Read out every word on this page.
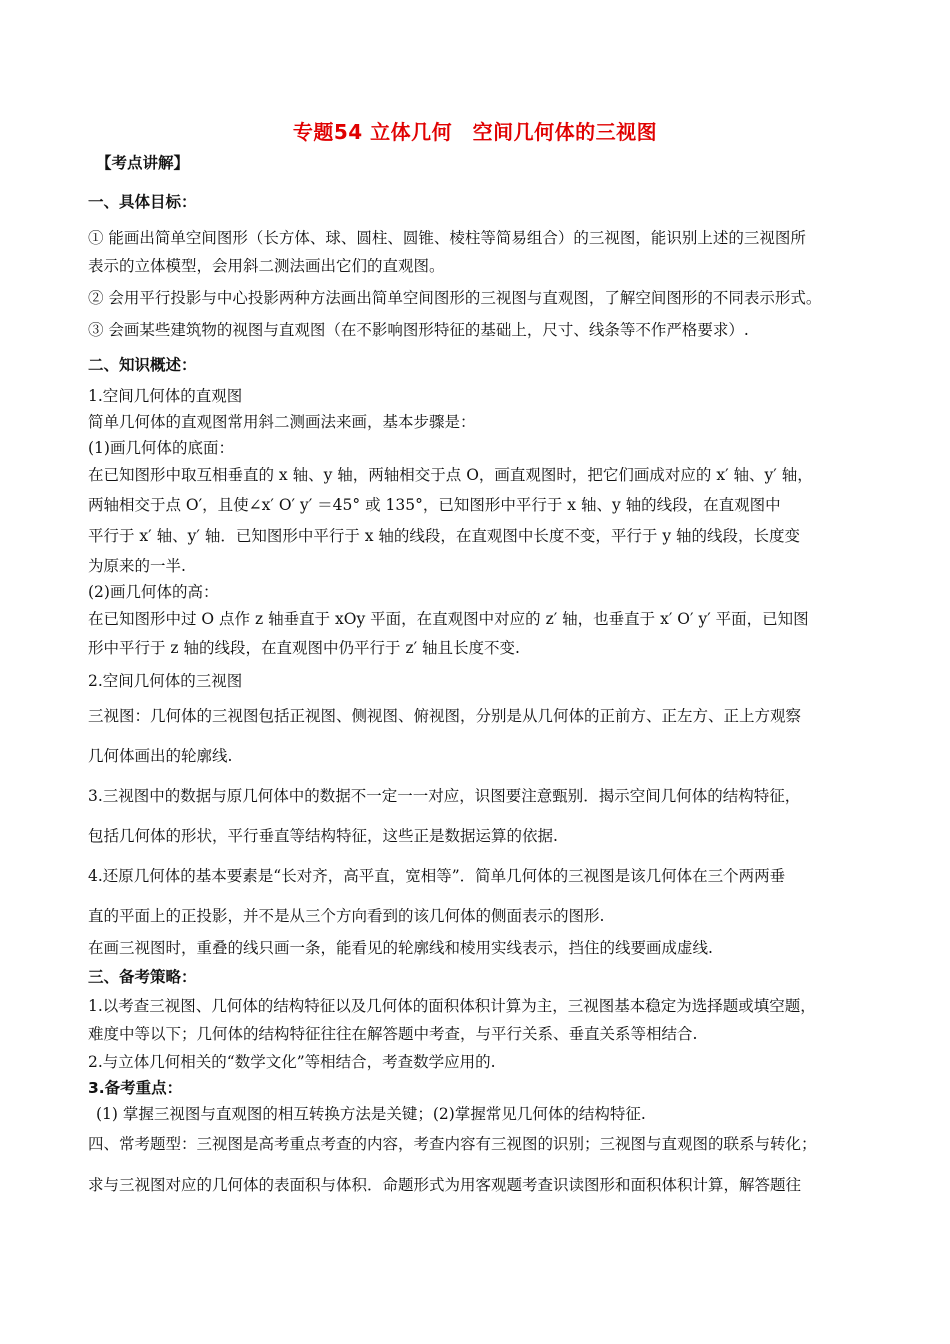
专题54 立体几何　空间几何体的三视图
【考点讲解】
一、具体目标：
① 能画出简单空间图形（长方体、球、圆柱、圆锥、棱柱等简易组合）的三视图，能识别上述的三视图所
表示的立体模型，会用斜二测法画出它们的直观图。
② 会用平行投影与中心投影两种方法画出简单空间图形的三视图与直观图，了解空间图形的不同表示形式。
③ 会画某些建筑物的视图与直观图（在不影响图形特征的基础上，尺寸、线条等不作严格要求）.
二、知识概述：
1.空间几何体的直观图
简单几何体的直观图常用斜二测画法来画，基本步骤是：
(1)画几何体的底面：
在已知图形中取互相垂直的 x 轴、y 轴，两轴相交于点 O，画直观图时，把它们画成对应的 x′ 轴、y′ 轴，
两轴相交于点 O′，且使∠x′ O′ y′ ＝45° 或 135°，已知图形中平行于 x 轴、y 轴的线段，在直观图中
平行于 x′ 轴、y′ 轴．已知图形中平行于 x 轴的线段，在直观图中长度不变，平行于 y 轴的线段，长度变
为原来的一半.
(2)画几何体的高：
在已知图形中过 O 点作 z 轴垂直于 xOy 平面，在直观图中对应的 z′ 轴，也垂直于 x′ O′ y′ 平面，已知图
形中平行于 z 轴的线段，在直观图中仍平行于 z′ 轴且长度不变.
2.空间几何体的三视图
三视图：几何体的三视图包括正视图、侧视图、俯视图，分别是从几何体的正前方、正左方、正上方观察
几何体画出的轮廓线.
3.三视图中的数据与原几何体中的数据不一定一一对应，识图要注意甄别．揭示空间几何体的结构特征，
包括几何体的形状，平行垂直等结构特征，这些正是数据运算的依据.
4.还原几何体的基本要素是“长对齐，高平直，宽相等”．简单几何体的三视图是该几何体在三个两两垂
直的平面上的正投影，并不是从三个方向看到的该几何体的侧面表示的图形.
在画三视图时，重叠的线只画一条，能看见的轮廓线和棱用实线表示，挡住的线要画成虚线.
三、备考策略：
1.以考查三视图、几何体的结构特征以及几何体的面积体积计算为主，三视图基本稳定为选择题或填空题，
难度中等以下；几何体的结构特征往往在解答题中考查，与平行关系、垂直关系等相结合.
2.与立体几何相关的“数学文化”等相结合，考查数学应用的.
3.备考重点：
(1) 掌握三视图与直观图的相互转换方法是关键；(2)掌握常见几何体的结构特征.
四、常考题型：三视图是高考重点考查的内容，考查内容有三视图的识别；三视图与直观图的联系与转化；
求与三视图对应的几何体的表面积与体积．命题形式为用客观题考查识读图形和面积体积计算，解答题往
